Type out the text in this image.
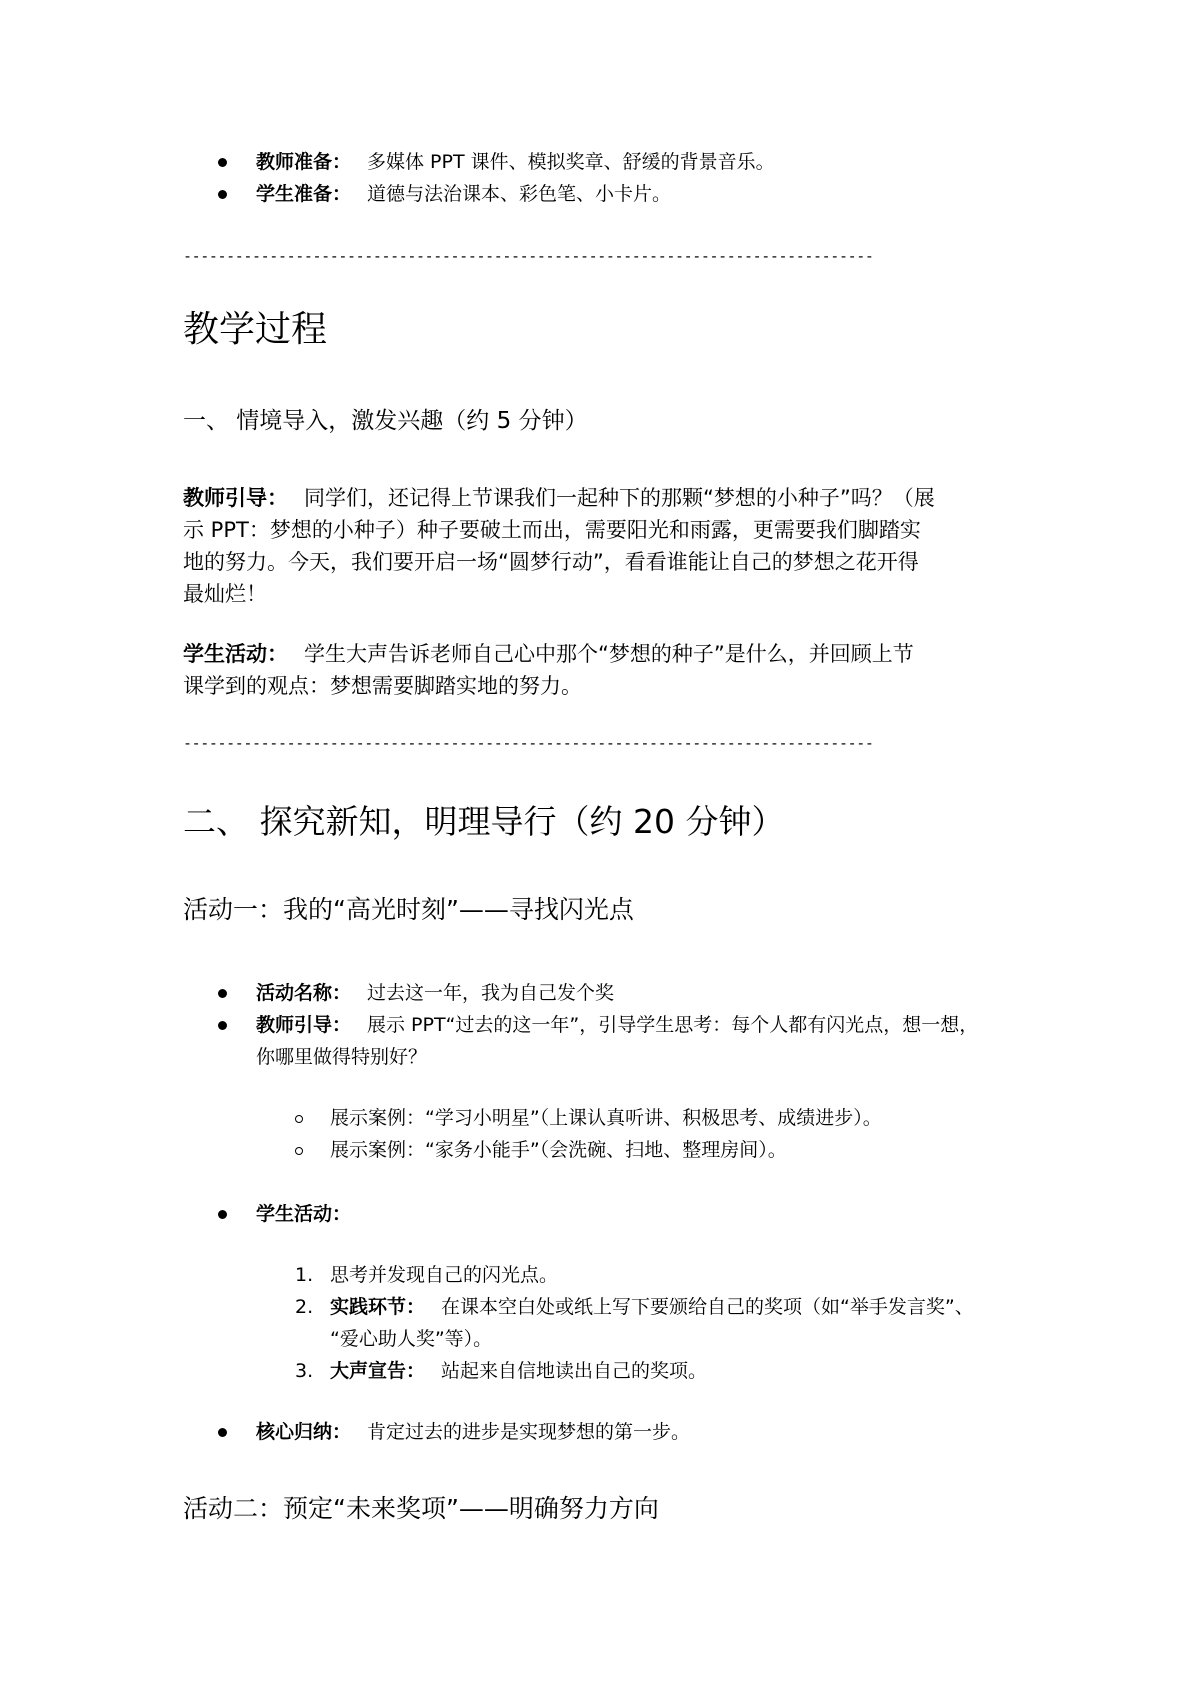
教师准备： 多媒体 PPT 课件、模拟奖章、舒缓的背景音乐。
学生准备： 道德与法治课本、彩色笔、小卡片。
--------------------------------------------------------------------------------
教学过程
一、 情境导入，激发兴趣（约 5 分钟）
教师引导： 同学们，还记得上节课我们一起种下的那颗“梦想的小种子”吗？（展
示 PPT：梦想的小种子）种子要破土而出，需要阳光和雨露，更需要我们脚踏实
地的努力。今天，我们要开启一场“圆梦行动”，看看谁能让自己的梦想之花开得
最灿烂！
学生活动： 学生大声告诉老师自己心中那个“梦想的种子”是什么，并回顾上节
课学到的观点：梦想需要脚踏实地的努力。
--------------------------------------------------------------------------------
二、 探究新知，明理导行（约 20 分钟）
活动一：我的“高光时刻”——寻找闪光点
活动名称： 过去这一年，我为自己发个奖
教师引导： 展示 PPT“过去的这一年”，引导学生思考：每个人都有闪光点，想一想，
你哪里做得特别好？
展示案例：“学习小明星”（上课认真听讲、积极思考、成绩进步）。
展示案例：“家务小能手”（会洗碗、扫地、整理房间）。
学生活动：
1. 思考并发现自己的闪光点。
2. 实践环节： 在课本空白处或纸上写下要颁给自己的奖项（如“举手发言奖”、
“爱心助人奖”等）。
3. 大声宣告： 站起来自信地读出自己的奖项。
核心归纳： 肯定过去的进步是实现梦想的第一步。
活动二：预定“未来奖项”——明确努力方向
